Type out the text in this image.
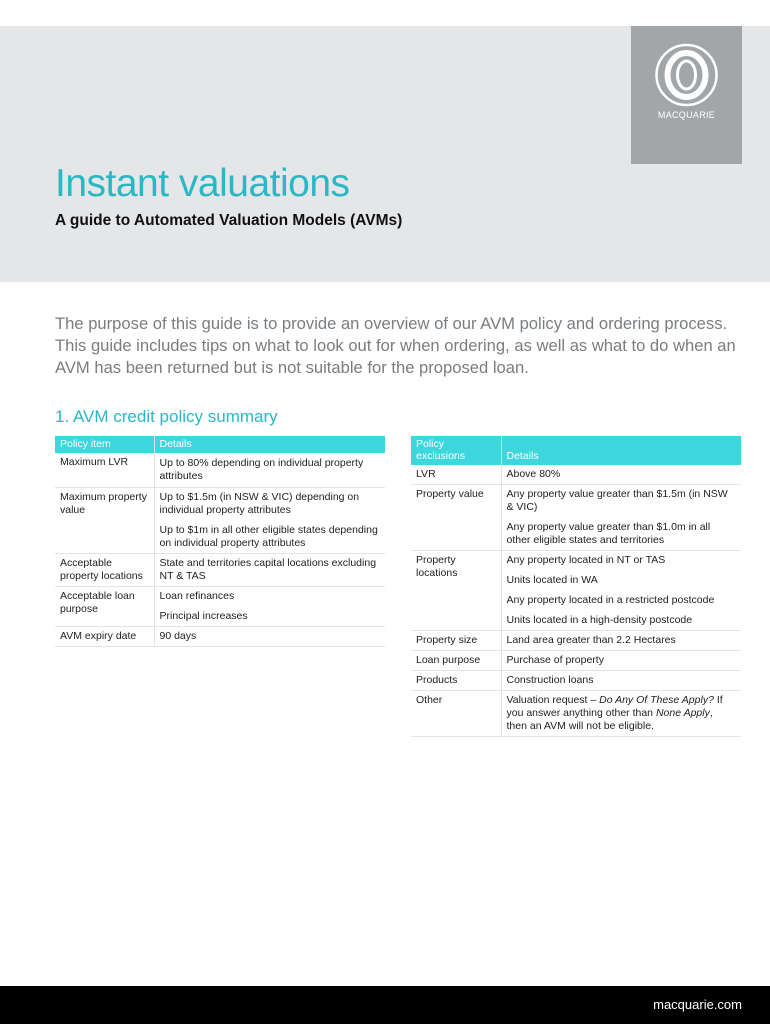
MACQUARIE
Instant valuations
A guide to Automated Valuation Models (AVMs)

The purpose of this guide is to provide an overview of our AVM policy and ordering process. This guide includes tips on what to look out for when ordering, as well as what to do when an AVM has been returned but is not suitable for the proposed loan.

1. AVM credit policy summary
Policy item	Details
Maximum LVR	Up to 80% depending on individual property attributes

Maximum property value	Up to $1.5m (in NSW & VIC) depending on individual property attributes
Up to $1m in all other eligible states depending on individual property attributes

Acceptable property locations	State and territories capital locations excluding NT & TAS

Acceptable loan purpose	Loan refinances
Principal increases

AVM expiry date	90 days
Policy exclusions	Details
LVR	Above 80%

Property value	Any property value greater than $1.5m (in NSW & VIC)
Any property value greater than $1.0m in all other eligible states and territories

Property locations	Any property located in NT or TAS
Units located in WA
Any property located in a restricted postcode
Units located in a high-density postcode

Property size	Land area greater than 2.2 Hectares

Loan purpose	Purchase of property

Products	Construction loans

Other	Valuation request – Do Any Of These Apply? If you answer anything other than None Apply, then an AVM will not be eligible.
macquarie.com
